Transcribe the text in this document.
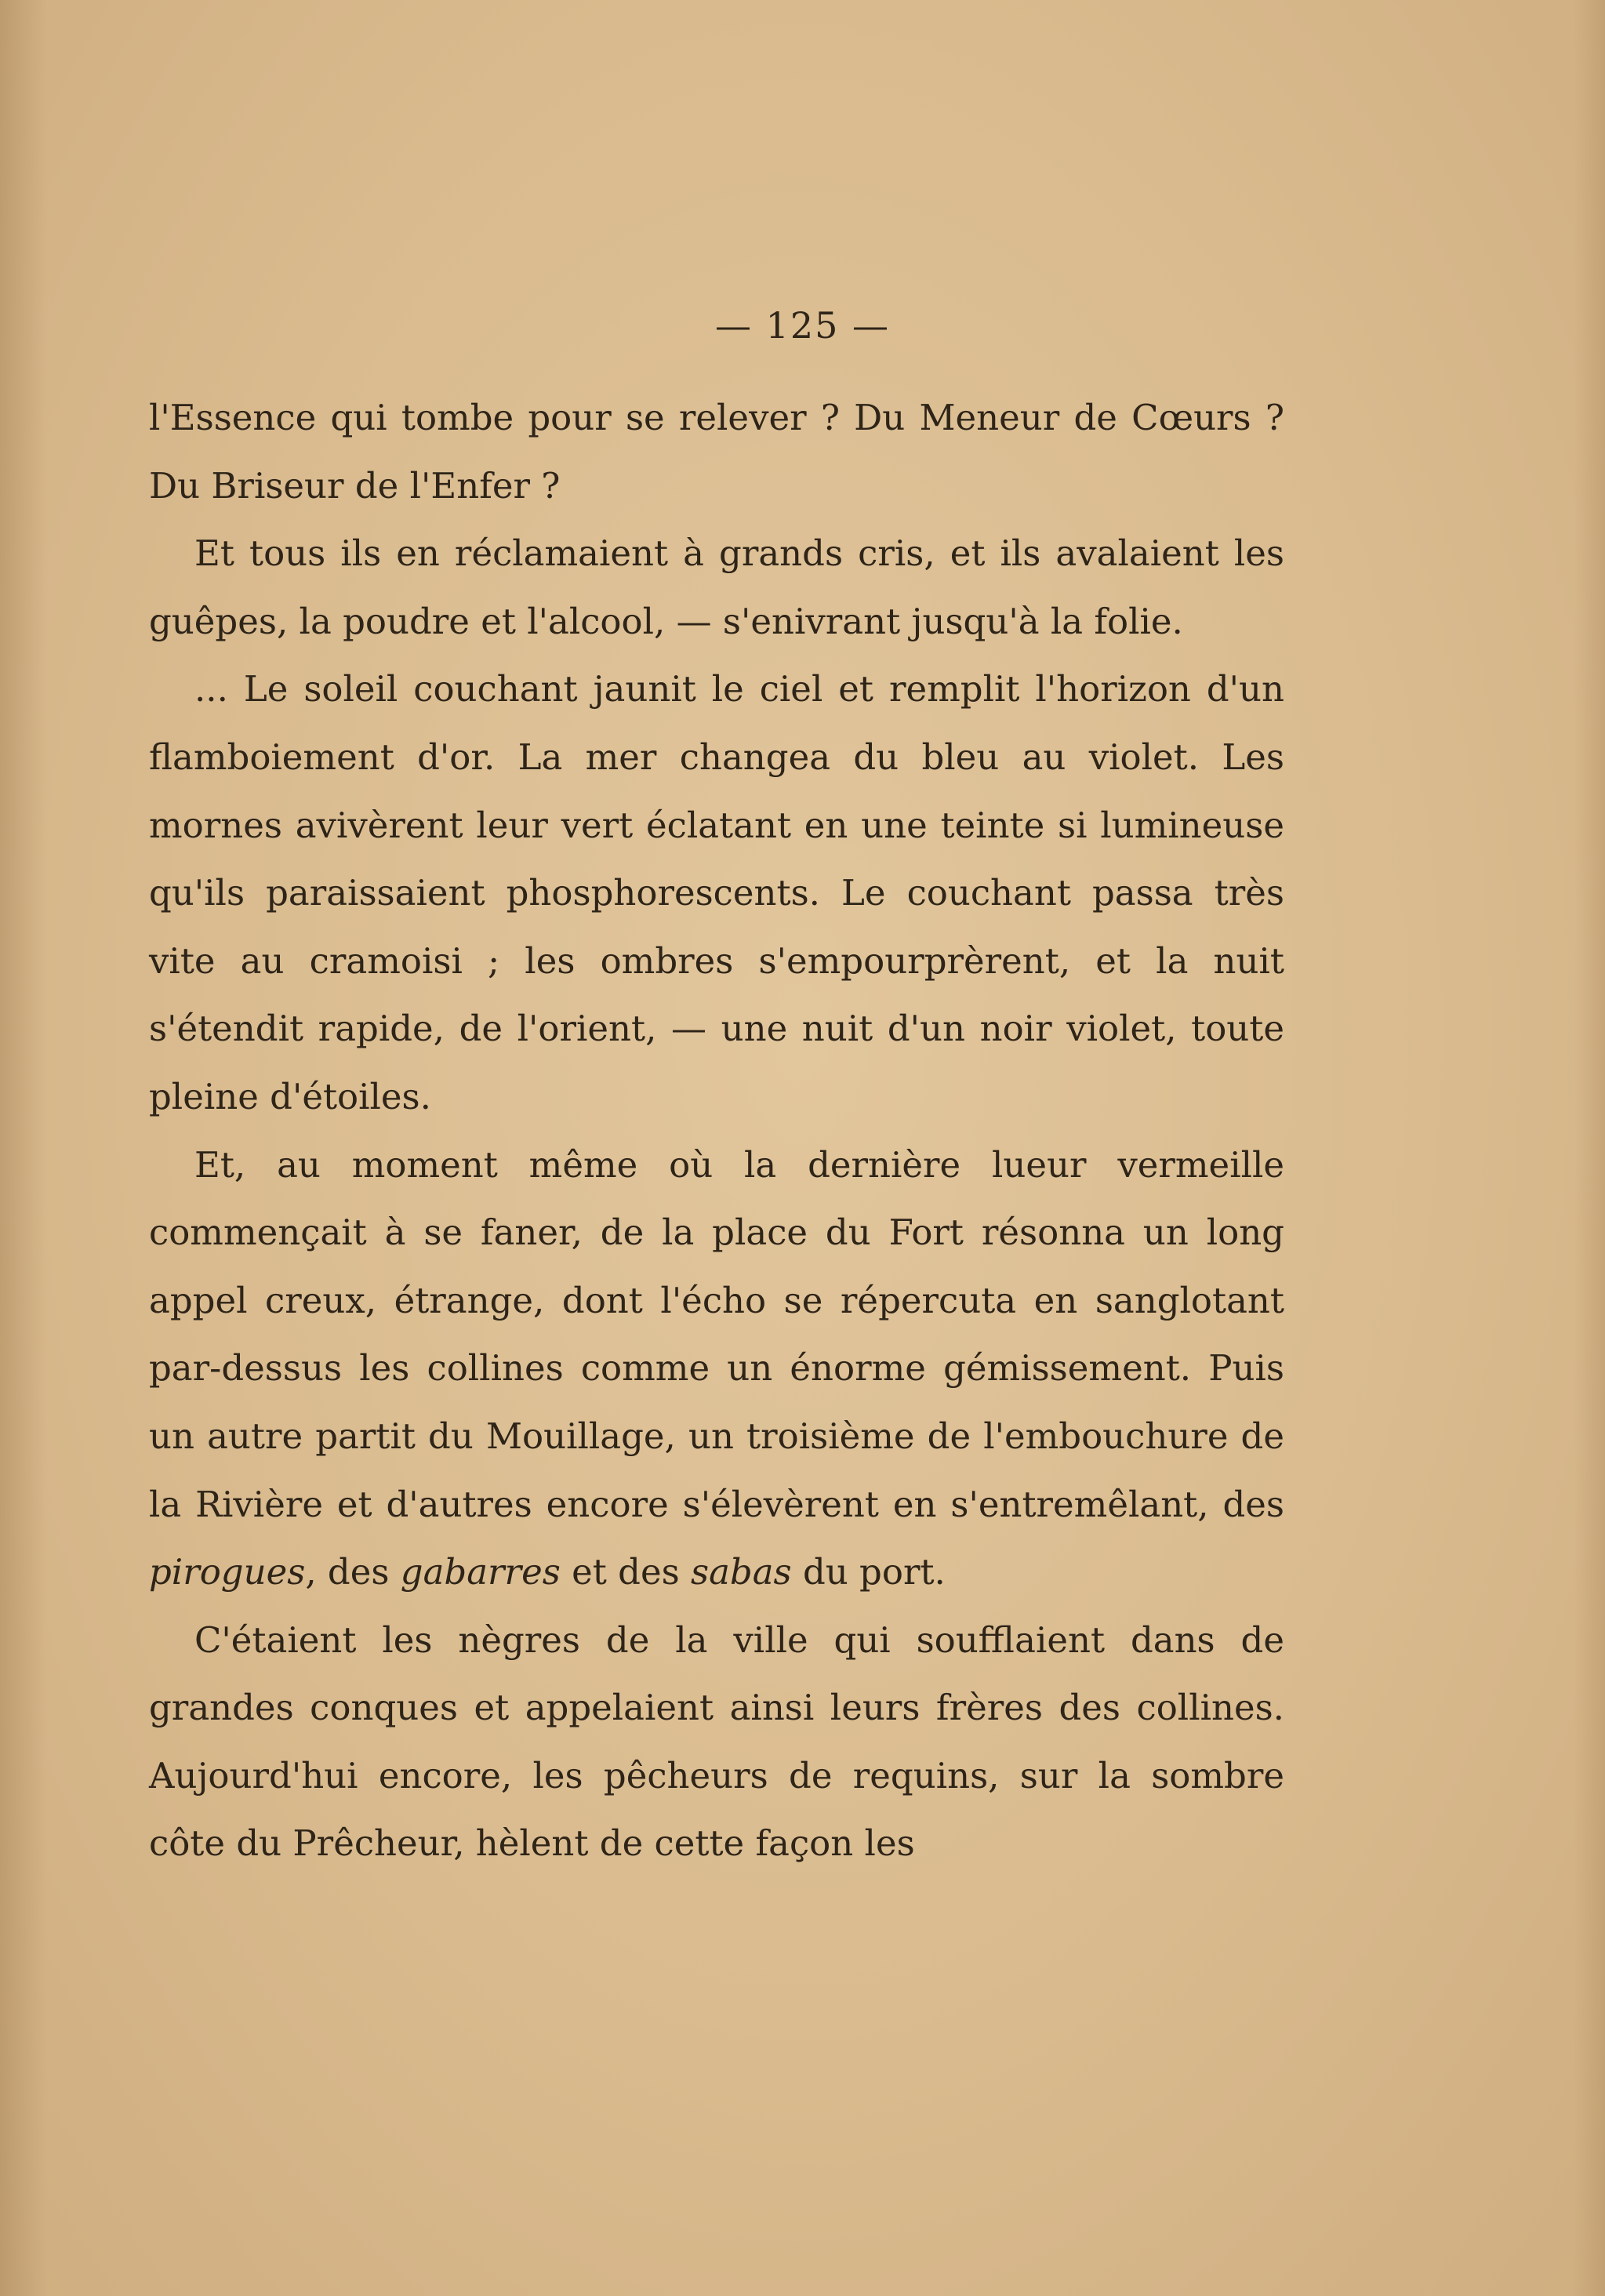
— 125 —

l'Essence qui tombe pour se relever ? Du Meneur de Cœurs ? Du Briseur de l'Enfer ?

Et tous ils en réclamaient à grands cris, et ils avalaient les guêpes, la poudre et l'alcool, — s'enivrant jusqu'à la folie.

... Le soleil couchant jaunit le ciel et remplit l'horizon d'un flamboiement d'or. La mer changea du bleu au violet. Les mornes avivèrent leur vert éclatant en une teinte si lumineuse qu'ils paraissaient phosphorescents. Le couchant passa très vite au cramoisi ; les ombres s'empourprèrent, et la nuit s'étendit rapide, de l'orient, — une nuit d'un noir violet, toute pleine d'étoiles.

Et, au moment même où la dernière lueur vermeille commençait à se faner, de la place du Fort résonna un long appel creux, étrange, dont l'écho se répercuta en sanglotant par-dessus les collines comme un énorme gémissement. Puis un autre partit du Mouillage, un troisième de l'embouchure de la Rivière et d'autres encore s'élevèrent en s'entremêlant, des pirogues, des gabarres et des sabas du port.

C'étaient les nègres de la ville qui soufflaient dans de grandes conques et appelaient ainsi leurs frères des collines. Aujourd'hui encore, les pêcheurs de requins, sur la sombre côte du Prêcheur, hèlent de cette façon les
